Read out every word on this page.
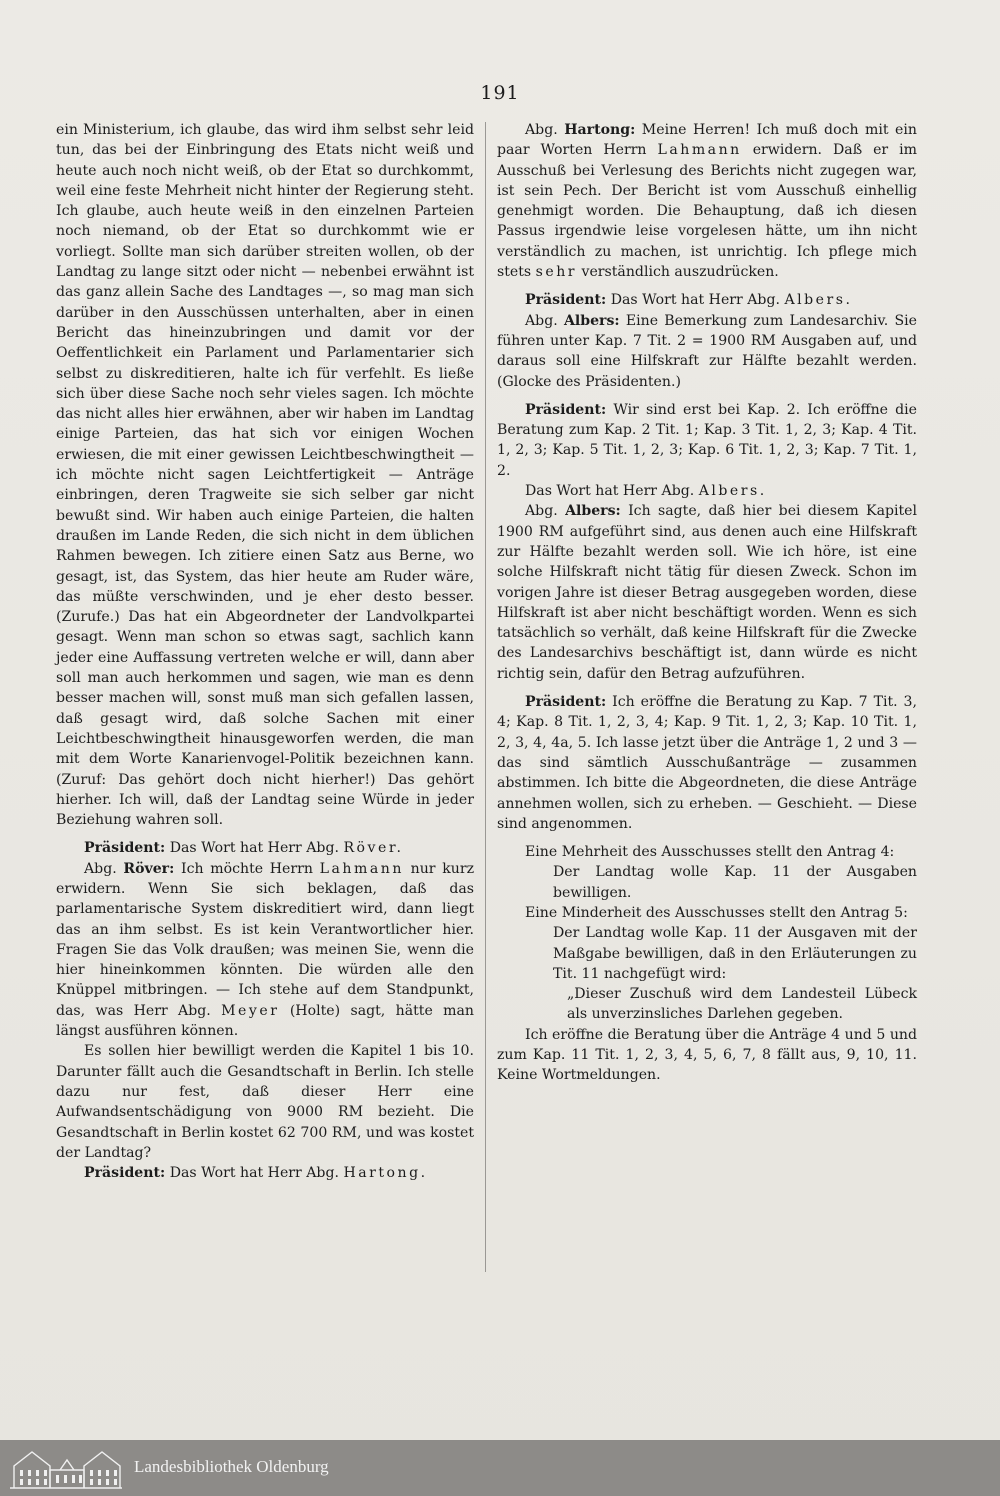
191

ein Ministerium, ich glaube, das wird ihm selbst sehr leid tun, das bei der Einbringung des Etats nicht weiß und heute auch noch nicht weiß, ob der Etat so durchkommt, weil eine feste Mehrheit nicht hinter der Regierung steht. Ich glaube, auch heute weiß in den einzelnen Parteien noch niemand, ob der Etat so durchkommt wie er vorliegt. Sollte man sich darüber streiten wollen, ob der Landtag zu lange sitzt oder nicht — nebenbei erwähnt ist das ganz allein Sache des Landtages —, so mag man sich darüber in den Ausschüssen unterhalten, aber in einen Bericht das hineinzubringen und damit vor der Oeffentlichkeit ein Parlament und Parlamentarier sich selbst zu diskreditieren, halte ich für verfehlt. Es ließe sich über diese Sache noch sehr vieles sagen. Ich möchte das nicht alles hier erwähnen, aber wir haben im Landtag einige Parteien, das hat sich vor einigen Wochen erwiesen, die mit einer gewissen Leichtbeschwingtheit — ich möchte nicht sagen Leichtfertigkeit — Anträge einbringen, deren Tragweite sie sich selber gar nicht bewußt sind. Wir haben auch einige Parteien, die halten draußen im Lande Reden, die sich nicht in dem üblichen Rahmen bewegen. Ich zitiere einen Satz aus Berne, wo gesagt, ist, das System, das hier heute am Ruder wäre, das müßte verschwinden, und je eher desto besser. (Zurufe.) Das hat ein Abgeordneter der Landvolkpartei gesagt. Wenn man schon so etwas sagt, sachlich kann jeder eine Auffassung vertreten welche er will, dann aber soll man auch herkommen und sagen, wie man es denn besser machen will, sonst muß man sich gefallen lassen, daß gesagt wird, daß solche Sachen mit einer Leichtbeschwingtheit hinausgeworfen werden, die man mit dem Worte Kanarienvogel-Politik bezeichnen kann. (Zuruf: Das gehört doch nicht hierher!) Das gehört hierher. Ich will, daß der Landtag seine Würde in jeder Beziehung wahren soll.

Präsident: Das Wort hat Herr Abg. Röver.

Abg. Röver: Ich möchte Herrn Lahmann nur kurz erwidern. Wenn Sie sich beklagen, daß das parlamentarische System diskreditiert wird, dann liegt das an ihm selbst. Es ist kein Verantwortlicher hier. Fragen Sie das Volk draußen; was meinen Sie, wenn die hier hineinkommen könnten. Die würden alle den Knüppel mitbringen. — Ich stehe auf dem Standpunkt, das, was Herr Abg. Meyer (Holte) sagt, hätte man längst ausführen können.

Es sollen hier bewilligt werden die Kapitel 1 bis 10. Darunter fällt auch die Gesandtschaft in Berlin. Ich stelle dazu nur fest, daß dieser Herr eine Aufwandsentschädigung von 9000 RM bezieht. Die Gesandtschaft in Berlin kostet 62 700 RM, und was kostet der Landtag?

Präsident: Das Wort hat Herr Abg. Hartong.

Abg. Hartong: Meine Herren! Ich muß doch mit ein paar Worten Herrn Lahmann erwidern. Daß er im Ausschuß bei Verlesung des Berichts nicht zugegen war, ist sein Pech. Der Bericht ist vom Ausschuß einhellig genehmigt worden. Die Behauptung, daß ich diesen Passus irgendwie leise vorgelesen hätte, um ihn nicht verständlich zu machen, ist unrichtig. Ich pflege mich stets sehr verständlich auszudrücken.

Präsident: Das Wort hat Herr Abg. Albers.

Abg. Albers: Eine Bemerkung zum Landesarchiv. Sie führen unter Kap. 7 Tit. 2 = 1900 RM Ausgaben auf, und daraus soll eine Hilfskraft zur Hälfte bezahlt werden. (Glocke des Präsidenten.)

Präsident: Wir sind erst bei Kap. 2. Ich eröffne die Beratung zum Kap. 2 Tit. 1; Kap. 3 Tit. 1, 2, 3; Kap. 4 Tit. 1, 2, 3; Kap. 5 Tit. 1, 2, 3; Kap. 6 Tit. 1, 2, 3; Kap. 7 Tit. 1, 2.

Das Wort hat Herr Abg. Albers.

Abg. Albers: Ich sagte, daß hier bei diesem Kapitel 1900 RM aufgeführt sind, aus denen auch eine Hilfskraft zur Hälfte bezahlt werden soll. Wie ich höre, ist eine solche Hilfskraft nicht tätig für diesen Zweck. Schon im vorigen Jahre ist dieser Betrag ausgegeben worden, diese Hilfskraft ist aber nicht beschäftigt worden. Wenn es sich tatsächlich so verhält, daß keine Hilfskraft für die Zwecke des Landesarchivs beschäftigt ist, dann würde es nicht richtig sein, dafür den Betrag aufzuführen.

Präsident: Ich eröffne die Beratung zu Kap. 7 Tit. 3, 4; Kap. 8 Tit. 1, 2, 3, 4; Kap. 9 Tit. 1, 2, 3; Kap. 10 Tit. 1, 2, 3, 4, 4a, 5. Ich lasse jetzt über die Anträge 1, 2 und 3 — das sind sämtlich Ausschußanträge — zusammen abstimmen. Ich bitte die Abgeordneten, die diese Anträge annehmen wollen, sich zu erheben. — Geschieht. — Diese sind angenommen.

Eine Mehrheit des Ausschusses stellt den Antrag 4:

Der Landtag wolle Kap. 11 der Ausgaben bewilligen.

Eine Minderheit des Ausschusses stellt den Antrag 5:

Der Landtag wolle Kap. 11 der Ausgaven mit der Maßgabe bewilligen, daß in den Erläuterungen zu Tit. 11 nachgefügt wird:

„Dieser Zuschuß wird dem Landesteil Lübeck als unverzinsliches Darlehen gegeben.

Ich eröffne die Beratung über die Anträge 4 und 5 und zum Kap. 11 Tit. 1, 2, 3, 4, 5, 6, 7, 8 fällt aus, 9, 10, 11. Keine Wortmeldungen.

Landesbibliothek Oldenburg
